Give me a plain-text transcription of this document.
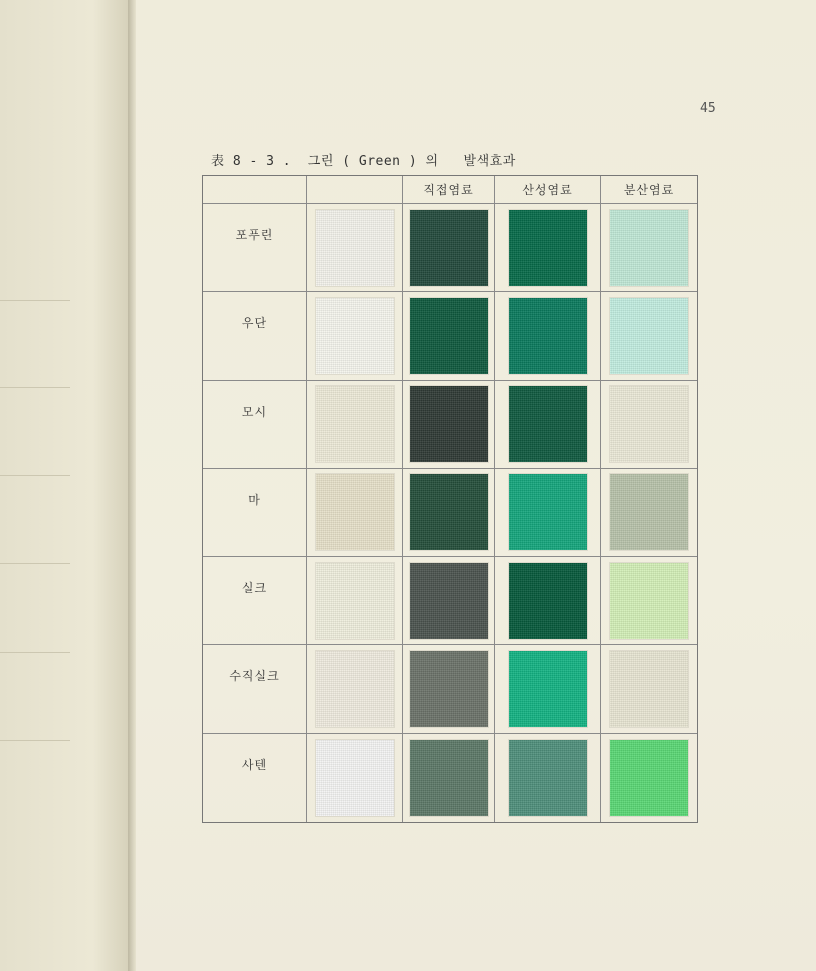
45
表 8 - 3 .  그린 ( Green ) 의   발색효과
직접염료	산성염료	분산염료
포푸린
우단
모시
마
실크
수직실크
사텐
